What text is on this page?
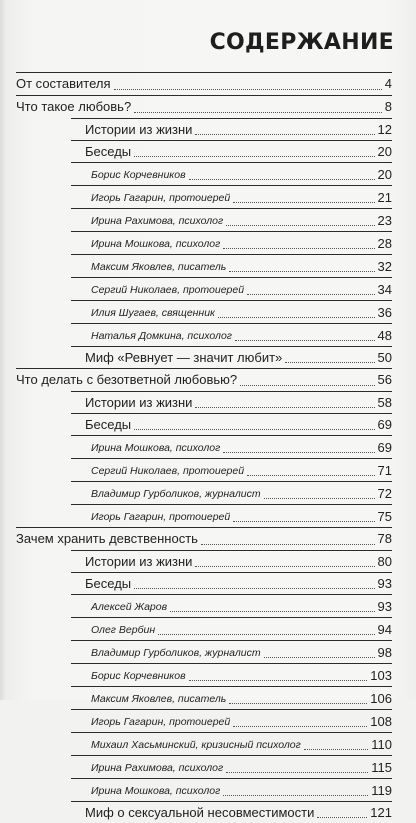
СОДЕРЖАНИЕ
От составителя	4
Что такое любовь?	8
Истории из жизни	12
Беседы	20
Борис Корчевников	20
Игорь Гагарин, протоиерей	21
Ирина Рахимова, психолог	23
Ирина Мошкова, психолог	28
Максим Яковлев, писатель	32
Сергий Николаев, протоиерей	34
Илия Шугаев, священник	36
Наталья Домкина, психолог	48
Миф «Ревнует — значит любит»	50
Что делать с безответной любовью?	56
Истории из жизни	58
Беседы	69
Ирина Мошкова, психолог	69
Сергий Николаев, протоиерей	71
Владимир Гурболиков, журналист	72
Игорь Гагарин, протоиерей	75
Зачем хранить девственность	78
Истории из жизни	80
Беседы	93
Алексей Жаров	93
Олег Вербин	94
Владимир Гурболиков, журналист	98
Борис Корчевников	103
Максим Яковлев, писатель	106
Игорь Гагарин, протоиерей	108
Михаил Хасьминский, кризисный психолог	110
Ирина Рахимова, психолог	115
Ирина Мошкова, психолог	119
Миф о сексуальной несовместимости	121
